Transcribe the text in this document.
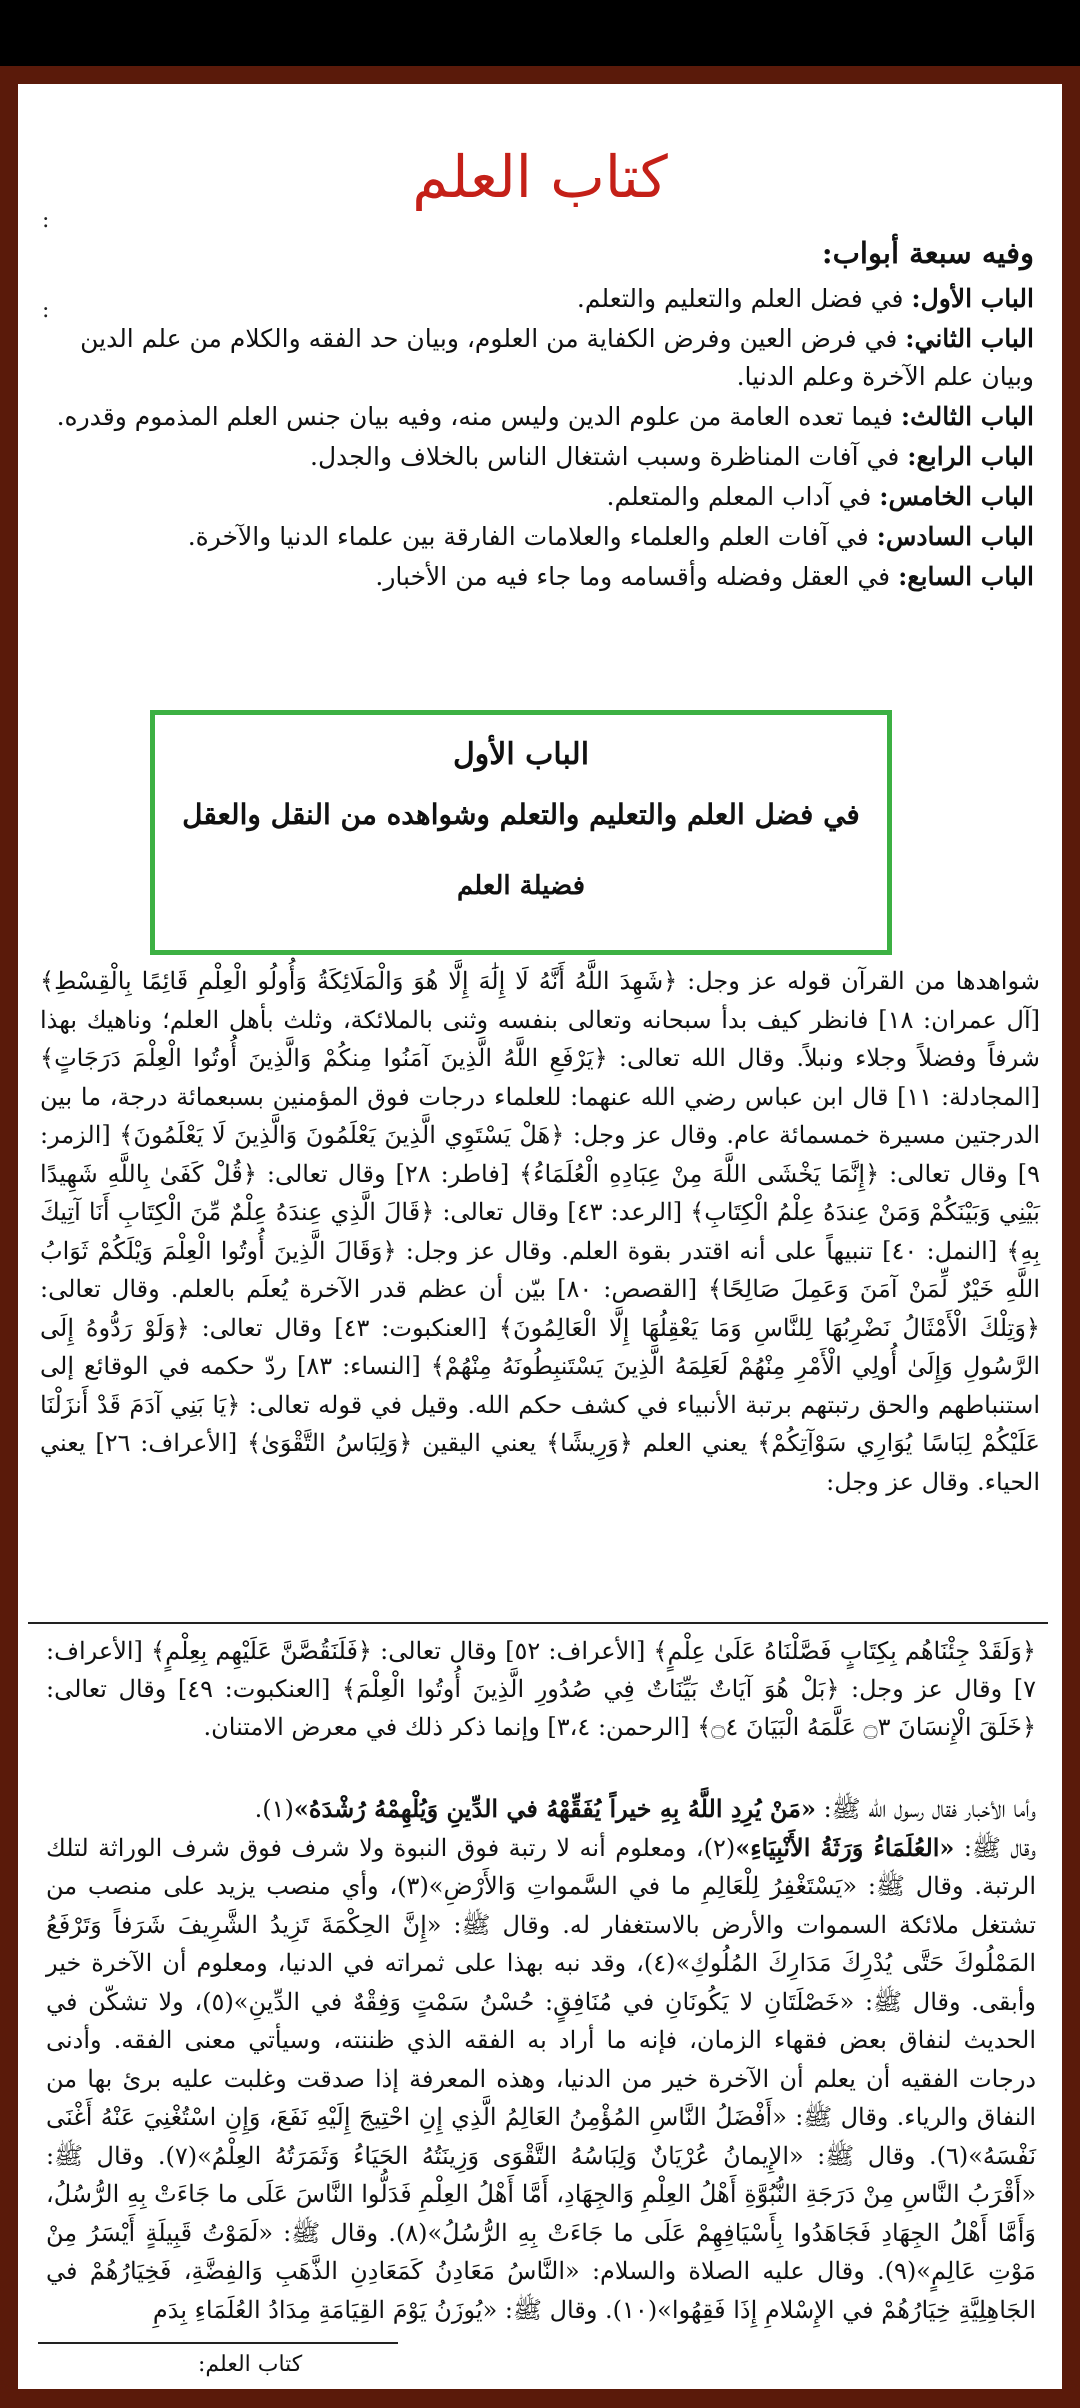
:
:
كتاب العلم
وفيه سبعة أبواب:
الباب الأول: في فضل العلم والتعليم والتعلم.
الباب الثاني: في فرض العين وفرض الكفاية من العلوم، وبيان حد الفقه والكلام من علم الدين وبيان علم الآخرة وعلم الدنيا.
الباب الثالث: فيما تعده العامة من علوم الدين وليس منه، وفيه بيان جنس العلم المذموم وقدره.
الباب الرابع: في آفات المناظرة وسبب اشتغال الناس بالخلاف والجدل.
الباب الخامس: في آداب المعلم والمتعلم.
الباب السادس: في آفات العلم والعلماء والعلامات الفارقة بين علماء الدنيا والآخرة.
الباب السابع: في العقل وفضله وأقسامه وما جاء فيه من الأخبار.
الباب الأول
في فضل العلم والتعليم والتعلم وشواهده من النقل والعقل
فضيلة العلم

شواهدها من القرآن قوله عز وجل: ﴿شَهِدَ اللَّهُ أَنَّهُ لَا إِلَٰهَ إِلَّا هُوَ وَالْمَلَائِكَةُ وَأُولُو الْعِلْمِ قَائِمًا بِالْقِسْطِ﴾ [آل عمران: ١٨] فانظر كيف بدأ سبحانه وتعالى بنفسه وثنى بالملائكة، وثلث بأهل العلم؛ وناهيك بهذا شرفاً وفضلاً وجلاء ونبلاً. وقال الله تعالى: ﴿يَرْفَعِ اللَّهُ الَّذِينَ آمَنُوا مِنكُمْ وَالَّذِينَ أُوتُوا الْعِلْمَ دَرَجَاتٍ﴾ [المجادلة: ١١] قال ابن عباس رضي الله عنهما: للعلماء درجات فوق المؤمنين بسبعمائة درجة، ما بين الدرجتين مسيرة خمسمائة عام. وقال عز وجل: ﴿هَلْ يَسْتَوِي الَّذِينَ يَعْلَمُونَ وَالَّذِينَ لَا يَعْلَمُونَ﴾ [الزمر: ٩] وقال تعالى: ﴿إِنَّمَا يَخْشَى اللَّهَ مِنْ عِبَادِهِ الْعُلَمَاءُ﴾ [فاطر: ٢٨] وقال تعالى: ﴿قُلْ كَفَىٰ بِاللَّهِ شَهِيدًا بَيْنِي وَبَيْنَكُمْ وَمَنْ عِندَهُ عِلْمُ الْكِتَابِ﴾ [الرعد: ٤٣] وقال تعالى: ﴿قَالَ الَّذِي عِندَهُ عِلْمٌ مِّنَ الْكِتَابِ أَنَا آتِيكَ بِهِ﴾ [النمل: ٤٠] تنبيهاً على أنه اقتدر بقوة العلم. وقال عز وجل: ﴿وَقَالَ الَّذِينَ أُوتُوا الْعِلْمَ وَيْلَكُمْ ثَوَابُ اللَّهِ خَيْرٌ لِّمَنْ آمَنَ وَعَمِلَ صَالِحًا﴾ [القصص: ٨٠] بيّن أن عظم قدر الآخرة يُعلَم بالعلم. وقال تعالى: ﴿وَتِلْكَ الْأَمْثَالُ نَضْرِبُهَا لِلنَّاسِ وَمَا يَعْقِلُهَا إِلَّا الْعَالِمُونَ﴾ [العنكبوت: ٤٣] وقال تعالى: ﴿وَلَوْ رَدُّوهُ إِلَى الرَّسُولِ وَإِلَىٰ أُولِي الْأَمْرِ مِنْهُمْ لَعَلِمَهُ الَّذِينَ يَسْتَنبِطُونَهُ مِنْهُمْ﴾ [النساء: ٨٣] ردّ حكمه في الوقائع إلى استنباطهم والحق رتبتهم برتبة الأنبياء في كشف حكم الله. وقيل في قوله تعالى: ﴿يَا بَنِي آدَمَ قَدْ أَنزَلْنَا عَلَيْكُمْ لِبَاسًا يُوَارِي سَوْآتِكُمْ﴾ يعني العلم ﴿وَرِيشًا﴾ يعني اليقين ﴿وَلِبَاسُ التَّقْوَىٰ﴾ [الأعراف: ٢٦] يعني الحياء. وقال عز وجل:

﴿وَلَقَدْ جِئْنَاهُم بِكِتَابٍ فَصَّلْنَاهُ عَلَىٰ عِلْمٍ﴾ [الأعراف: ٥٢] وقال تعالى: ﴿فَلَنَقُصَّنَّ عَلَيْهِم بِعِلْمٍ﴾ [الأعراف: ٧] وقال عز وجل: ﴿بَلْ هُوَ آيَاتٌ بَيِّنَاتٌ فِي صُدُورِ الَّذِينَ أُوتُوا الْعِلْمَ﴾ [العنكبوت: ٤٩] وقال تعالى: ﴿خَلَقَ الْإِنسَانَ ۝٣ عَلَّمَهُ الْبَيَانَ ۝٤﴾ [الرحمن: ٣،٤] وإنما ذكر ذلك في معرض الامتنان.

وأما الأخبار فقال رسول الله ﷺ: «مَنْ يُرِدِ اللَّهُ بِهِ خيراً يُفَقِّهْهُ في الدِّينِ وَيُلْهِمْهُ رُشْدَهُ»(١).

وقال ﷺ: «العُلَمَاءُ وَرَثَةُ الأَنْبِيَاءِ»(٢)، ومعلوم أنه لا رتبة فوق النبوة ولا شرف فوق شرف الوراثة لتلك الرتبة. وقال ﷺ: «يَسْتَغْفِرُ لِلْعَالِمِ ما في السَّمواتِ وَالأَرْضِ»(٣)، وأي منصب يزيد على منصب من تشتغل ملائكة السموات والأرض بالاستغفار له. وقال ﷺ: «إِنَّ الحِكْمَةَ تَزِيدُ الشَّرِيفَ شَرَفاً وَتَرْفَعُ المَمْلُوكَ حَتَّى يُدْرِكَ مَدَارِكَ المُلُوكِ»(٤)، وقد نبه بهذا على ثمراته في الدنيا، ومعلوم أن الآخرة خير وأبقى. وقال ﷺ: «خَصْلَتَانِ لا يَكُونَانِ في مُنَافِقٍ: حُسْنُ سَمْتٍ وَفِقْهٌ في الدِّينِ»(٥)، ولا تشكّن في الحديث لنفاق بعض فقهاء الزمان، فإنه ما أراد به الفقه الذي ظننته، وسيأتي معنى الفقه. وأدنى درجات الفقيه أن يعلم أن الآخرة خير من الدنيا، وهذه المعرفة إذا صدقت وغلبت عليه برئ بها من النفاق والرياء. وقال ﷺ: «أَفْضَلُ النَّاسِ المُؤْمِنُ العَالِمُ الَّذِي إِنِ احْتِيجَ إِلَيْهِ نَفَعَ، وَإِنِ اسْتُغْنِيَ عَنْهُ أَغْنَى نَفْسَهُ»(٦). وقال ﷺ: «الإِيمانُ عُرْيَانٌ وَلِبَاسُهُ التَّقْوَى وَزِينَتُهُ الحَيَاءُ وَثَمَرَتُهُ العِلْمُ»(٧). وقال ﷺ: «أَقْرَبُ النَّاسِ مِنْ دَرَجَةِ النُّبُوَّةِ أَهْلُ العِلْمِ وَالجِهَادِ، أَمَّا أَهْلُ العِلْمِ فَدَلُّوا النَّاسَ عَلَى ما جَاءَتْ بِهِ الرُّسُلُ، وَأَمَّا أَهْلُ الجِهَادِ فَجَاهَدُوا بِأَسْيَافِهِمْ عَلَى ما جَاءَتْ بِهِ الرُّسُلُ»(٨). وقال ﷺ: «لَمَوْتُ قَبِيلَةٍ أَيْسَرُ مِنْ مَوْتِ عَالِمٍ»(٩). وقال عليه الصلاة والسلام: «النَّاسُ مَعَادِنُ كَمَعَادِنِ الذَّهَبِ وَالفِضَّةِ، فَخِيَارُهُمْ في الجَاهِلِيَّةِ خِيَارُهُمْ في الإِسْلامِ إِذَا فَقِهُوا»(١٠). وقال ﷺ: «يُوزَنُ يَوْمَ القِيَامَةِ مِدَادُ العُلَمَاءِ بِدَمِ

كتاب العلم:
